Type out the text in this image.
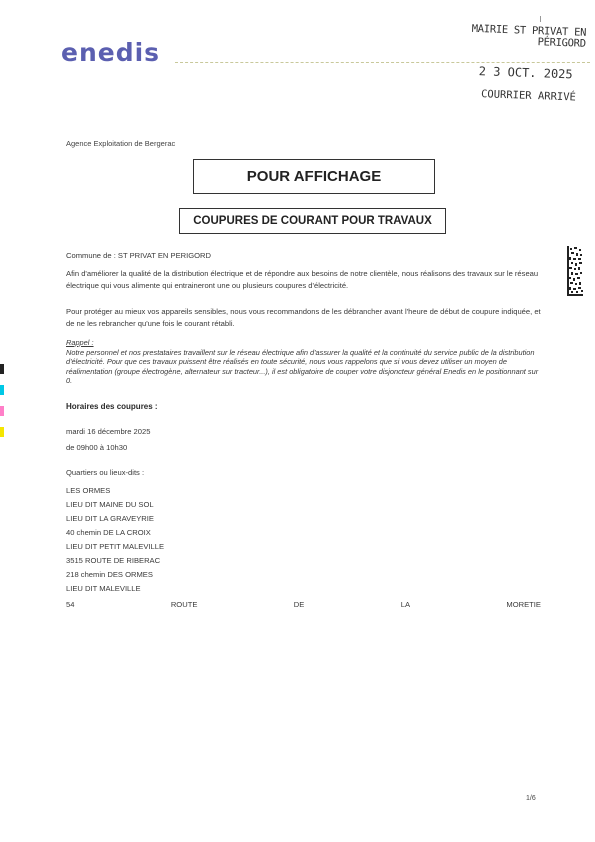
enedis
MAIRIE ST PRIVAT EN PÉRIGORD
2 3 OCT. 2025
COURRIER ARRIVÉ
Agence Exploitation de Bergerac
POUR AFFICHAGE
COUPURES DE COURANT POUR TRAVAUX
Commune de : ST PRIVAT EN PERIGORD
Afin d'améliorer la qualité de la distribution électrique et de répondre aux besoins de notre clientèle, nous réalisons des travaux sur le réseau électrique qui vous alimente qui entraineront une ou plusieurs coupures d'électricité.
Pour protéger au mieux vos appareils sensibles, nous vous recommandons de les débrancher avant l'heure de début de coupure indiquée, et de ne les rebrancher qu'une fois le courant rétabli.
Rappel :
Notre personnel et nos prestataires travaillent sur le réseau électrique afin d'assurer la qualité et la continuité du service public de la distribution d'électricité. Pour que ces travaux puissent être réalisés en toute sécurité, nous vous rappelons que si vous devez utiliser un moyen de réalimentation (groupe électrogène, alternateur sur tracteur...), il est obligatoire de couper votre disjoncteur général Enedis en le positionnant sur 0.
Horaires des coupures :
mardi 16 décembre 2025
de 09h00 à 10h30
Quartiers ou lieux-dits :
LES ORMES
LIEU DIT MAINE DU SOL
LIEU DIT LA GRAVEYRIE
40 chemin DE LA CROIX
LIEU DIT PETIT MALEVILLE
3515 ROUTE DE RIBERAC
218 chemin DES ORMES
LIEU DIT MALEVILLE
54	ROUTE	DE	LA	MORETIE
1/6
